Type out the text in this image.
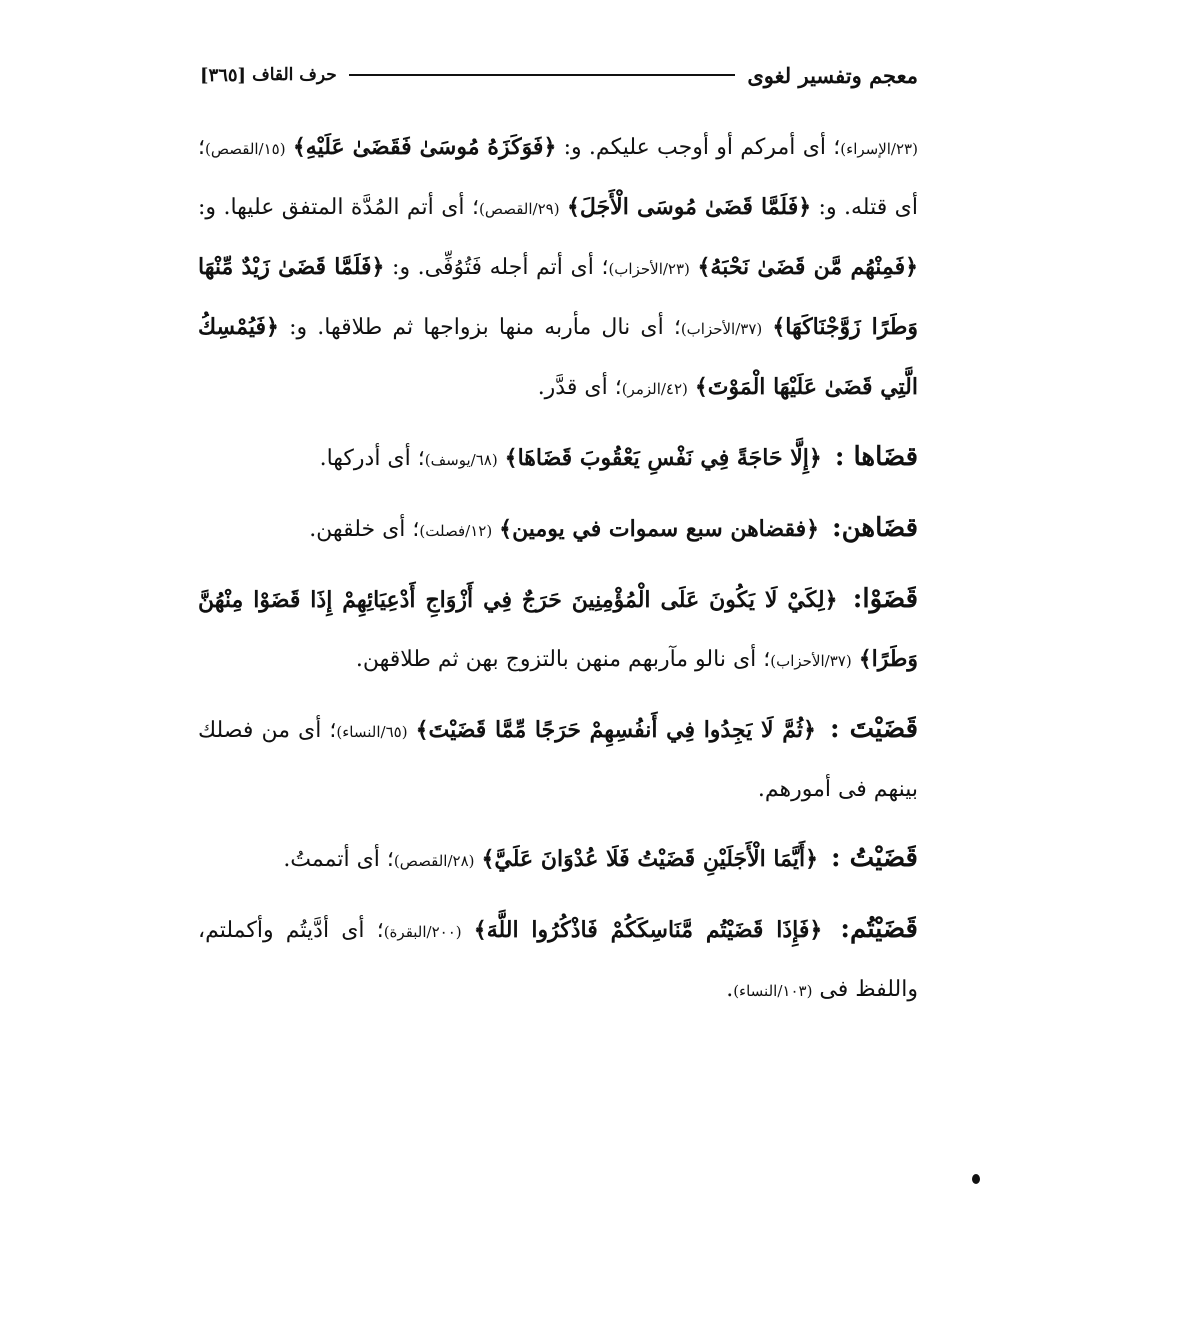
معجم وتفسير لغوى
حرف القاف
[٣٦٥]

(٢٣/الإسراء)؛ أى أمركم أو أوجب عليكم. و: ﴿فَوَكَزَهُ مُوسَىٰ فَقَضَىٰ عَلَيْهِ﴾ (١٥/القصص)؛ أى قتله. و: ﴿فَلَمَّا قَضَىٰ مُوسَى الْأَجَلَ﴾ (٢٩/القصص)؛ أى أتم المُدَّة المتفق عليها. و: ﴿فَمِنْهُم مَّن قَضَىٰ نَحْبَهُ﴾ (٢٣/الأحزاب)؛ أى أتم أجله فَتُوُفِّى. و: ﴿فَلَمَّا قَضَىٰ زَيْدٌ مِّنْهَا وَطَرًا زَوَّجْنَاكَهَا﴾ (٣٧/الأحزاب)؛ أى نال مأربه منها بزواجها ثم طلاقها. و: ﴿فَيُمْسِكُ الَّتِي قَضَىٰ عَلَيْهَا الْمَوْتَ﴾ (٤٢/الزمر)؛ أى قدَّر.

قضَاها : ﴿إِلَّا حَاجَةً فِي نَفْسِ يَعْقُوبَ قَضَاهَا﴾ (٦٨/يوسف)؛ أى أدركها.

قضَاهن: ﴿فقضاهن سبع سموات في يومين﴾ (١٢/فصلت)؛ أى خلقهن.

قَضَوْا: ﴿لِكَيْ لَا يَكُونَ عَلَى الْمُؤْمِنِينَ حَرَجٌ فِي أَزْوَاجِ أَدْعِيَائِهِمْ إِذَا قَضَوْا مِنْهُنَّ وَطَرًا﴾ (٣٧/الأحزاب)؛ أى نالو مآربهم منهن بالتزوج بهن ثم طلاقهن.

قَضَيْتَ : ﴿ثُمَّ لَا يَجِدُوا فِي أَنفُسِهِمْ حَرَجًا مِّمَّا قَضَيْتَ﴾ (٦٥/النساء)؛ أى من فصلك بينهم فى أمورهم.

قَضَيْتُ : ﴿أَيَّمَا الْأَجَلَيْنِ قَضَيْتُ فَلَا عُدْوَانَ عَلَيَّ﴾ (٢٨/القصص)؛ أى أتممتُ.

قَضَيْتُم: ﴿فَإِذَا قَضَيْتُم مَّنَاسِكَكُمْ فَاذْكُرُوا اللَّهَ﴾ (٢٠٠/البقرة)؛ أى أدَّيتُم وأكملتم، واللفظ فى (١٠٣/النساء).
